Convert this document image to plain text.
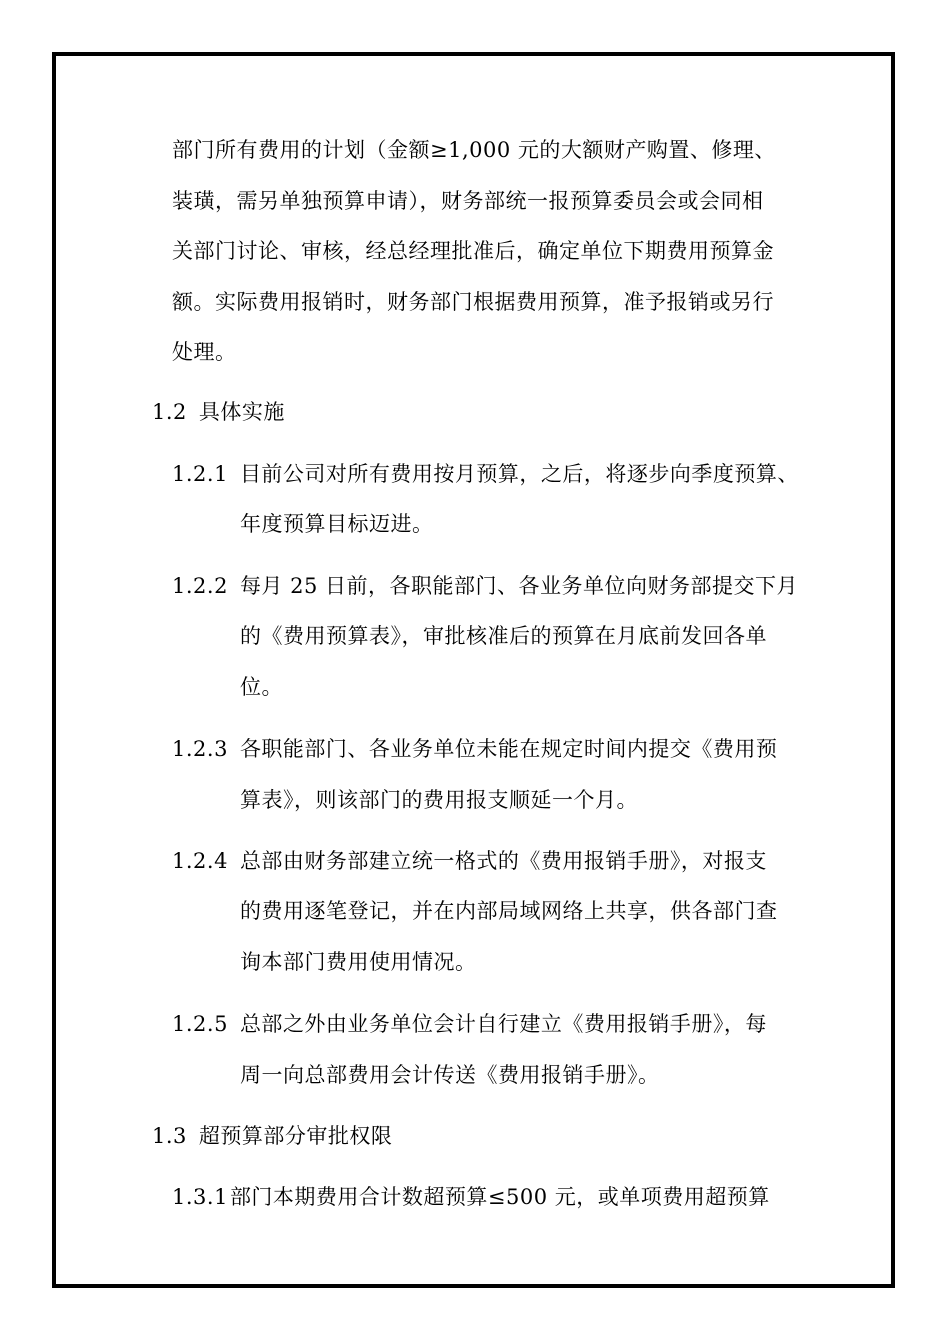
部门所有费用的计划（金额≥1,000 元的大额财产购置、修理、
装璜，需另单独预算申请），财务部统一报预算委员会或会同相
关部门讨论、审核，经总经理批准后，确定单位下期费用预算金
额。实际费用报销时，财务部门根据费用预算，准予报销或另行
处理。
1.2 具体实施
1.2.1 目前公司对所有费用按月预算，之后，将逐步向季度预算、
年度预算目标迈进。
1.2.2 每月 25 日前，各职能部门、各业务单位向财务部提交下月
的《费用预算表》，审批核准后的预算在月底前发回各单
位。
1.2.3 各职能部门、各业务单位未能在规定时间内提交《费用预
算表》，则该部门的费用报支顺延一个月。
1.2.4 总部由财务部建立统一格式的《费用报销手册》，对报支
的费用逐笔登记，并在内部局域网络上共享，供各部门查
询本部门费用使用情况。
1.2.5 总部之外由业务单位会计自行建立《费用报销手册》，每
周一向总部费用会计传送《费用报销手册》。
1.3 超预算部分审批权限
1.3.1部门本期费用合计数超预算≤500 元，或单项费用超预算
